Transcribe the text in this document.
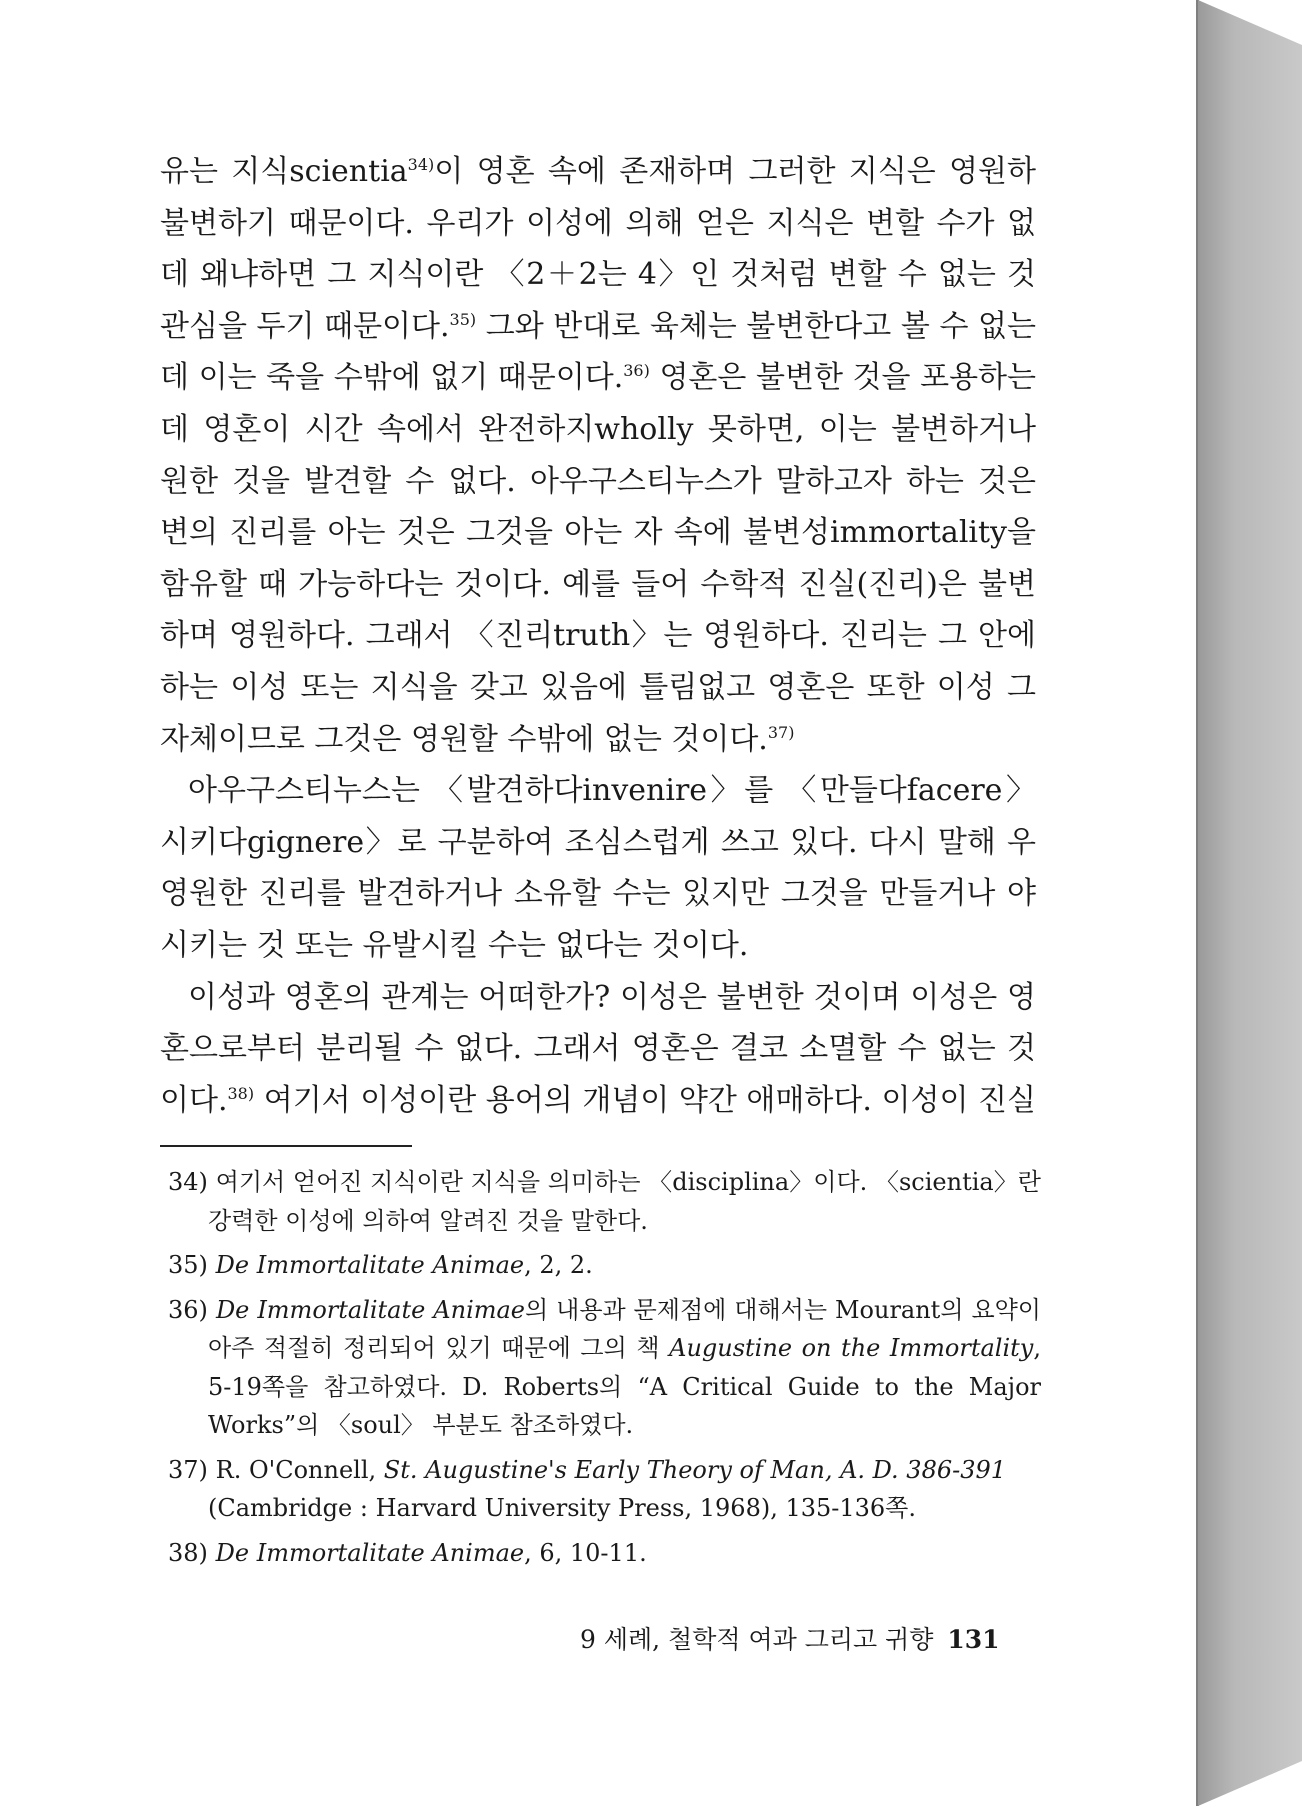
유는 지식scientia$^{34)}$이 영혼 속에 존재하며 그러한 지식은 영원하
불변하기 때문이다. 우리가 이성에 의해 얻은 지식은 변할 수가 없
데 왜냐하면 그 지식이란 〈2＋2는 4〉인 것처럼 변할 수 없는 것
관심을 두기 때문이다.$^{35)}$ 그와 반대로 육체는 불변한다고 볼 수 없는
데 이는 죽을 수밖에 없기 때문이다.$^{36)}$ 영혼은 불변한 것을 포용하는
데 영혼이 시간 속에서 완전하지wholly 못하면, 이는 불변하거나
원한 것을 발견할 수 없다. 아우구스티누스가 말하고자 하는 것은
변의 진리를 아는 것은 그것을 아는 자 속에 불변성immortality을
함유할 때 가능하다는 것이다. 예를 들어 수학적 진실(진리)은 불변
하며 영원하다. 그래서 〈진리truth〉는 영원하다. 진리는 그 안에
하는 이성 또는 지식을 갖고 있음에 틀림없고 영혼은 또한 이성 그
자체이므로 그것은 영원할 수밖에 없는 것이다.$^{37)}$
아우구스티누스는 〈발견하다invenire〉를 〈만들다facere〉
시키다gignere〉로 구분하여 조심스럽게 쓰고 있다. 다시 말해 우
영원한 진리를 발견하거나 소유할 수는 있지만 그것을 만들거나 야
시키는 것 또는 유발시킬 수는 없다는 것이다.
이성과 영혼의 관계는 어떠한가? 이성은 불변한 것이며 이성은 영
혼으로부터 분리될 수 없다. 그래서 영혼은 결코 소멸할 수 없는 것
이다.$^{38)}$ 여기서 이성이란 용어의 개념이 약간 애매하다. 이성이 진실
34) 여기서 얻어진 지식이란 지식을 의미하는 〈disciplina〉이다. 〈scientia〉란
강력한 이성에 의하여 알려진 것을 말한다.
35) De Immortalitate Animae, 2, 2.
36) De Immortalitate Animae의 내용과 문제점에 대해서는 Mourant의 요약이
아주 적절히 정리되어 있기 때문에 그의 책 Augustine on the Immortality,
5-19쪽을 참고하였다. D. Roberts의 “A Critical Guide to the Major
Works”의 〈soul〉 부분도 참조하였다.
37) R. O'Connell, St. Augustine's Early Theory of Man, A. D. 386-391
(Cambridge : Harvard University Press, 1968), 135-136쪽.
38) De Immortalitate Animae, 6, 10-11.
9 세례, 철학적 여과 그리고 귀향 131
